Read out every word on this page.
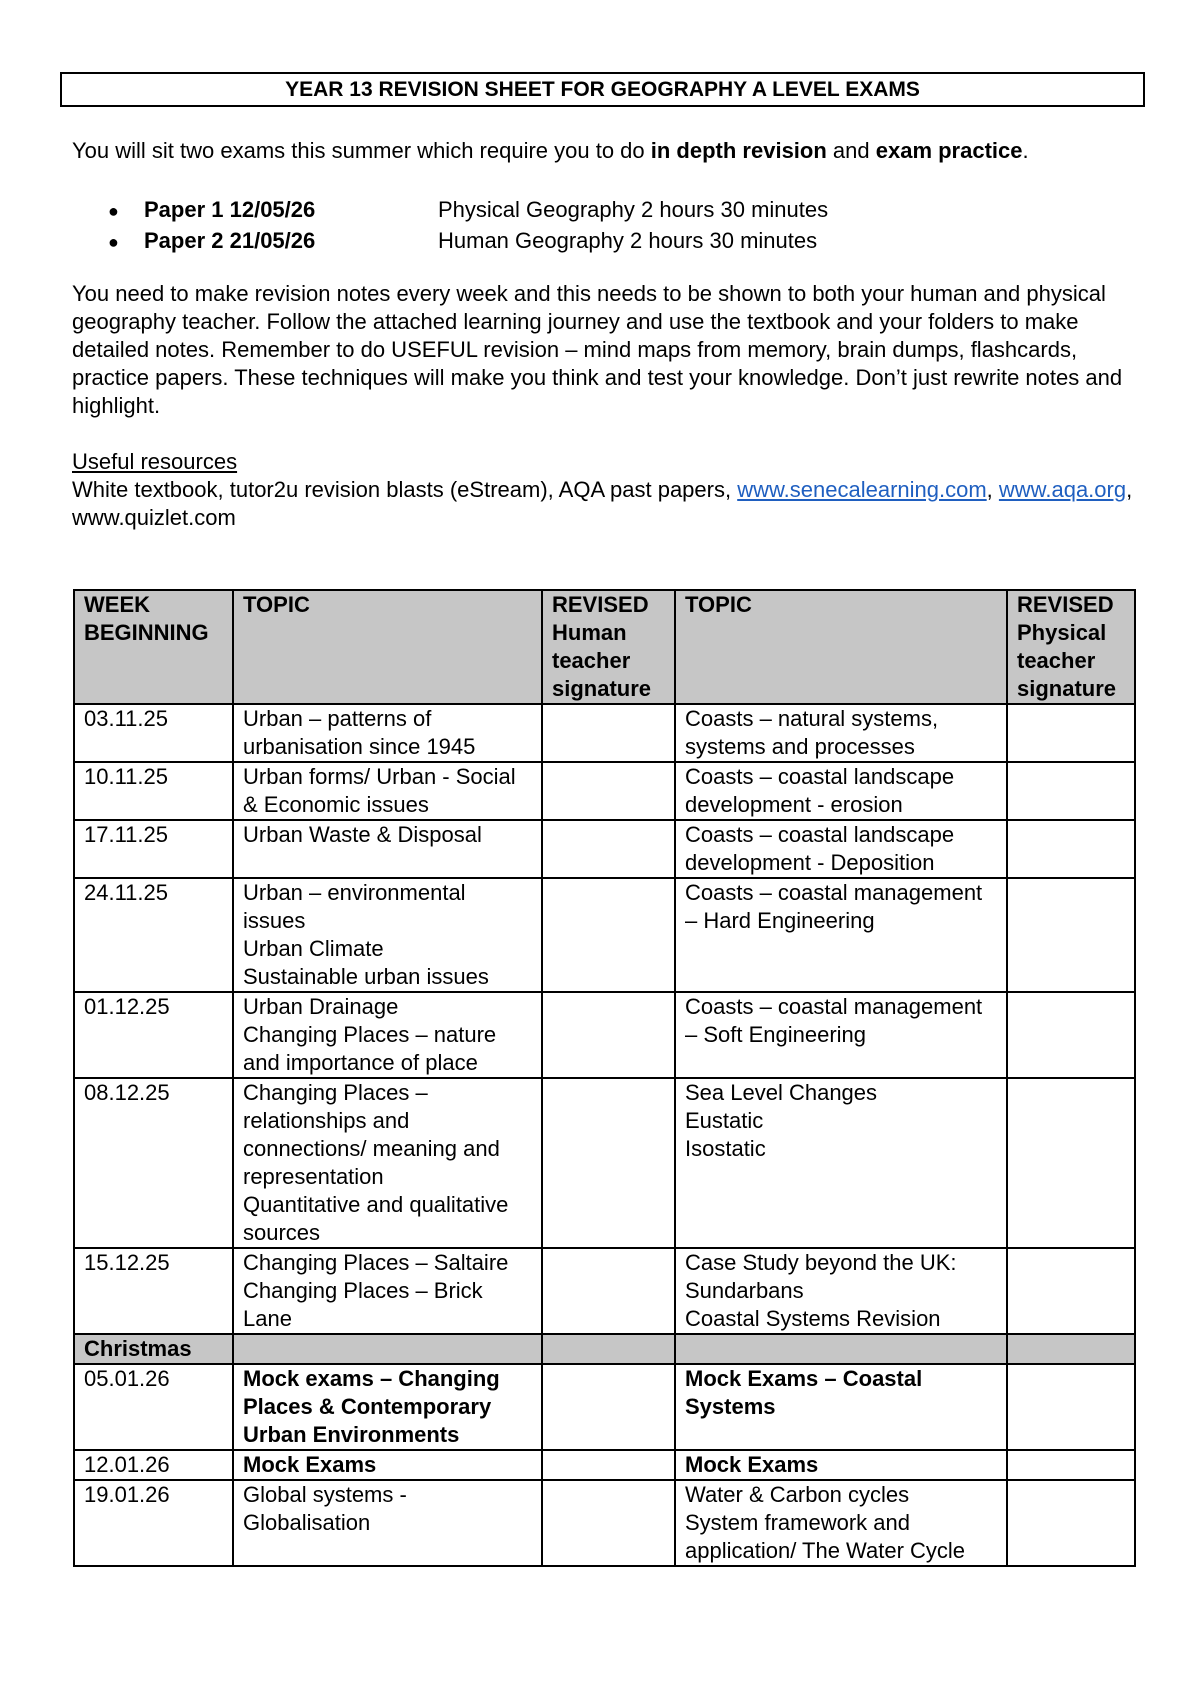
YEAR 13 REVISION SHEET FOR GEOGRAPHY A LEVEL EXAMS
You will sit two exams this summer which require you to do in depth revision and exam practice.
●	Paper 1 12/05/26	Physical Geography 2 hours 30 minutes
●	Paper 2 21/05/26	Human Geography 2 hours 30 minutes

You need to make revision notes every week and this needs to be shown to both your human and physical geography teacher. Follow the attached learning journey and use the textbook and your folders to make detailed notes. Remember to do USEFUL revision – mind maps from memory, brain dumps, flashcards, practice papers. These techniques will make you think and test your knowledge. Don’t just rewrite notes and highlight.

Useful resources
White textbook, tutor2u revision blasts (eStream), AQA past papers, www.senecalearning.com, www.aqa.org, www.quizlet.com
WEEK BEGINNING	TOPIC	REVISED Human teacher signature	TOPIC	REVISED Physical teacher signature
03.11.25	Urban – patterns of urbanisation since 1945		Coasts – natural systems, systems and processes	
10.11.25	Urban forms/ Urban - Social & Economic issues		Coasts – coastal landscape development - erosion	
17.11.25	Urban Waste & Disposal		Coasts – coastal landscape development - Deposition	
24.11.25	Urban – environmental issues
Urban Climate
Sustainable urban issues		Coasts – coastal management – Hard Engineering	
01.12.25	Urban Drainage
Changing Places – nature and importance of place		Coasts – coastal management – Soft Engineering	
08.12.25	Changing Places – relationships and connections/ meaning and representation
Quantitative and qualitative sources		Sea Level Changes
Eustatic
Isostatic	
15.12.25	Changing Places – Saltaire
Changing Places – Brick Lane		Case Study beyond the UK: Sundarbans
Coastal Systems Revision	
Christmas				
05.01.26	Mock exams – Changing Places & Contemporary Urban Environments		Mock Exams – Coastal Systems	
12.01.26	Mock Exams		Mock Exams	
19.01.26	Global systems - Globalisation		Water & Carbon cycles
System framework and application/ The Water Cycle	
